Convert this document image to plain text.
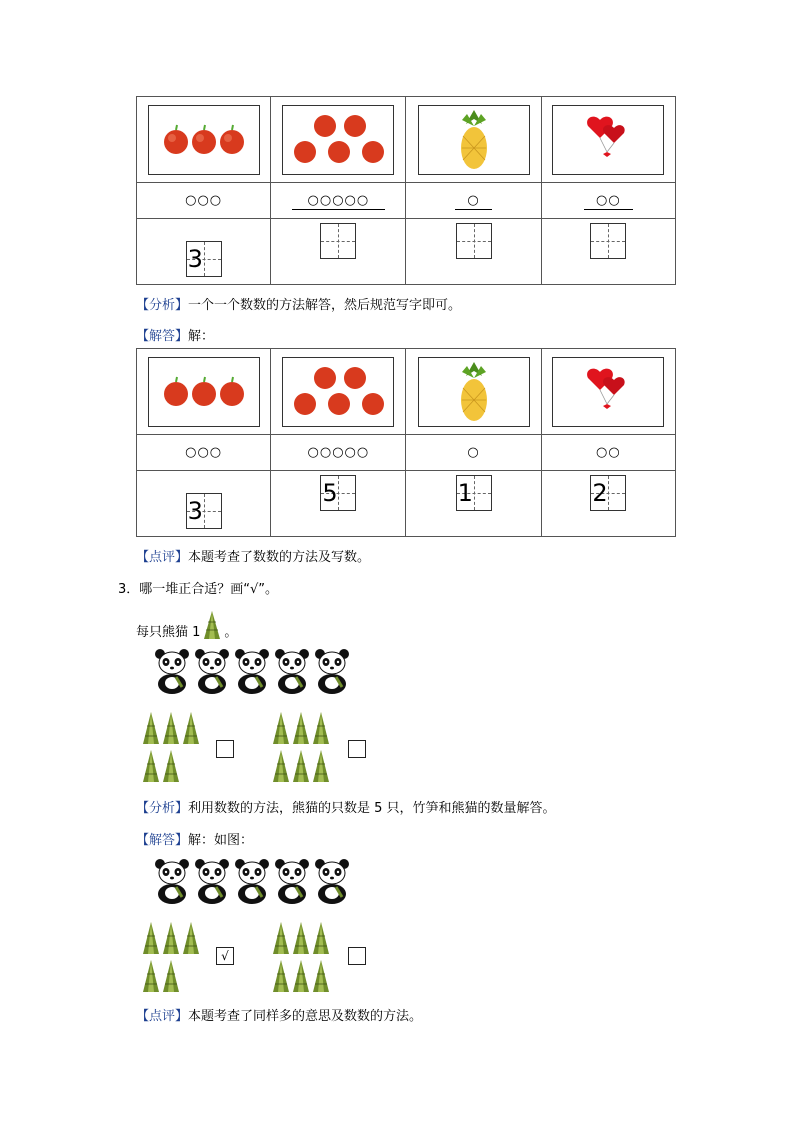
○○○	○○○○○	○	○○

3			

【分析】一个一个数数的方法解答，然后规范写字即可。
【解答】解：

○○○	○○○○○	○	○○

3	5	1	2
【点评】本题考查了数数的方法及写数。
3．哪一堆正合适？画“√”。
每只熊猫 1 。
【分析】利用数数的方法，熊猫的只数是 5 只，竹笋和熊猫的数量解答。
【解答】解：如图：
√
【点评】本题考查了同样多的意思及数数的方法。
